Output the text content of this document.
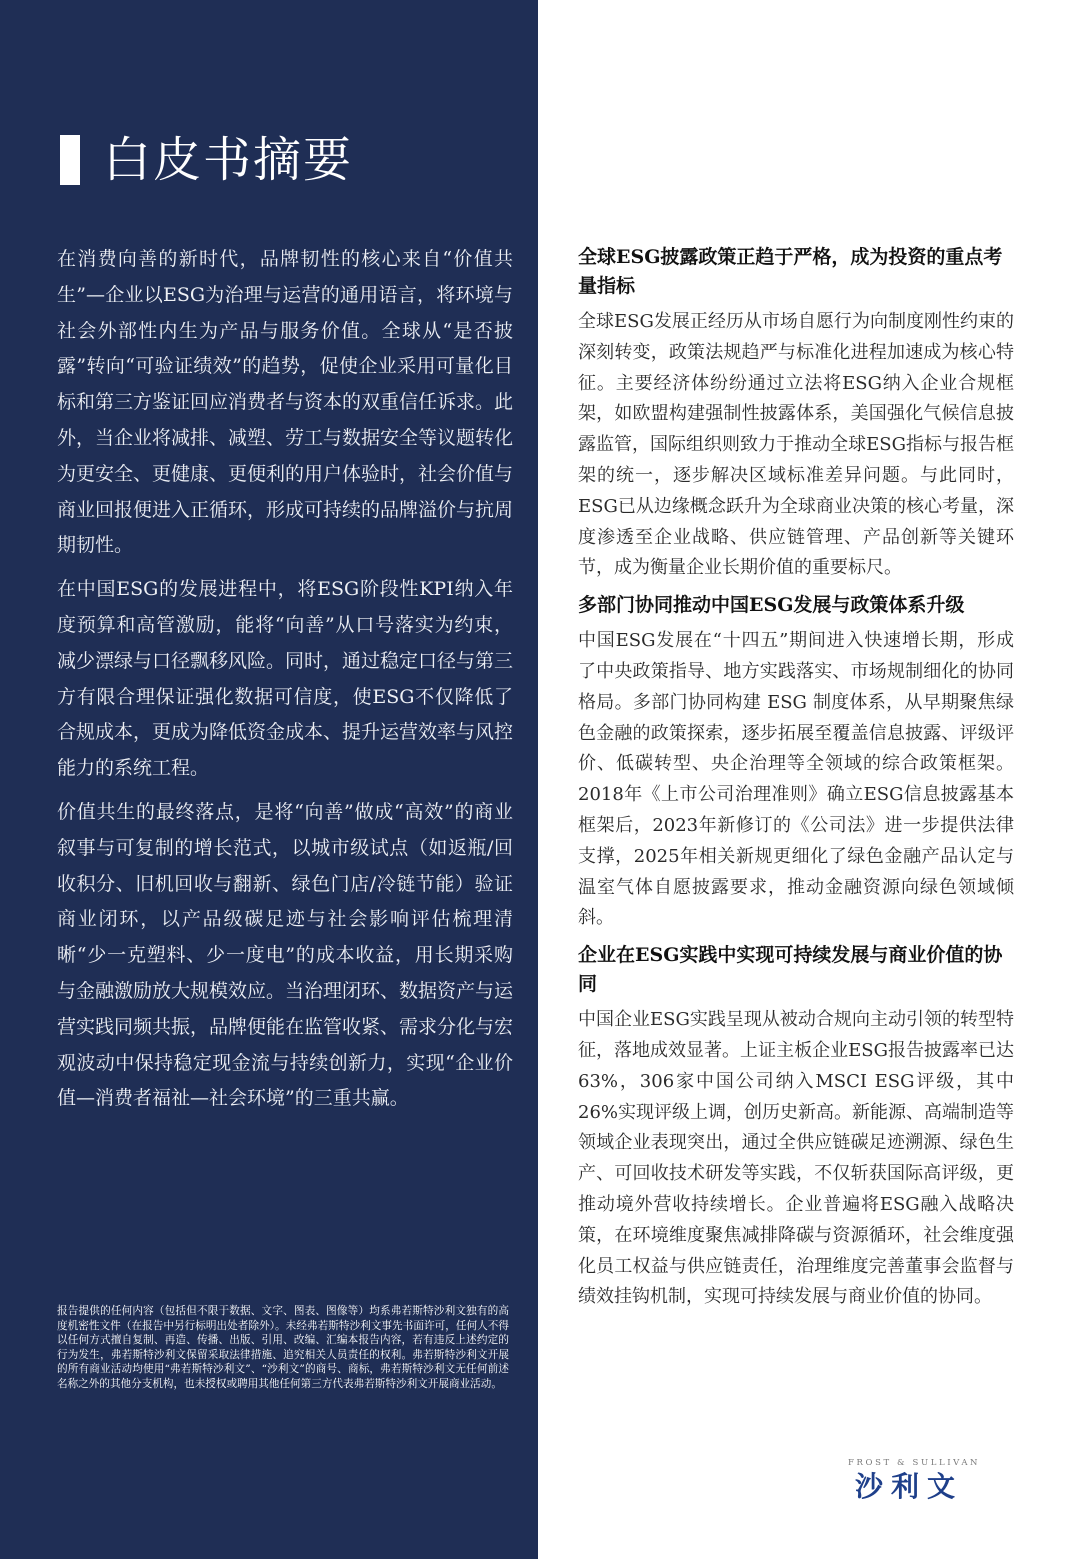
白皮书摘要

在消费向善的新时代，品牌韧性的核心来自“价值共生”—企业以ESG为治理与运营的通用语言，将环境与社会外部性内生为产品与服务价值。全球从“是否披露”转向“可验证绩效”的趋势，促使企业采用可量化目标和第三方鉴证回应消费者与资本的双重信任诉求。此外，当企业将减排、减塑、劳工与数据安全等议题转化为更安全、更健康、更便利的用户体验时，社会价值与商业回报便进入正循环，形成可持续的品牌溢价与抗周期韧性。

在中国ESG的发展进程中，将ESG阶段性KPI纳入年度预算和高管激励，能将“向善”从口号落实为约束，减少漂绿与口径飘移风险。同时，通过稳定口径与第三方有限合理保证强化数据可信度，使ESG不仅降低了合规成本，更成为降低资金成本、提升运营效率与风控能力的系统工程。

价值共生的最终落点，是将“向善”做成“高效”的商业叙事与可复制的增长范式，以城市级试点（如返瓶/回收积分、旧机回收与翻新、绿色门店/冷链节能）验证商业闭环，以产品级碳足迹与社会影响评估梳理清晰“少一克塑料、少一度电”的成本收益，用长期采购与金融激励放大规模效应。当治理闭环、数据资产与运营实践同频共振，品牌便能在监管收紧、需求分化与宏观波动中保持稳定现金流与持续创新力，实现“企业价值—消费者福祉—社会环境”的三重共赢。

报告提供的任何内容（包括但不限于数据、文字、图表、图像等）均系弗若斯特沙利文独有的高度机密性文件（在报告中另行标明出处者除外）。未经弗若斯特沙利文事先书面许可，任何人不得以任何方式擅自复制、再造、传播、出版、引用、改编、汇编本报告内容，若有违反上述约定的行为发生，弗若斯特沙利文保留采取法律措施、追究相关人员责任的权利。弗若斯特沙利文开展的所有商业活动均使用“弗若斯特沙利文”、“沙利文”的商号、商标，弗若斯特沙利文无任何前述名称之外的其他分支机构，也未授权或聘用其他任何第三方代表弗若斯特沙利文开展商业活动。

全球ESG披露政策正趋于严格，成为投资的重点考量指标

全球ESG发展正经历从市场自愿行为向制度刚性约束的深刻转变，政策法规趋严与标准化进程加速成为核心特征。主要经济体纷纷通过立法将ESG纳入企业合规框架，如欧盟构建强制性披露体系，美国强化气候信息披露监管，国际组织则致力于推动全球ESG指标与报告框架的统一，逐步解决区域标准差异问题。与此同时，ESG已从边缘概念跃升为全球商业决策的核心考量，深度渗透至企业战略、供应链管理、产品创新等关键环节，成为衡量企业长期价值的重要标尺。

多部门协同推动中国ESG发展与政策体系升级

中国ESG发展在“十四五”期间进入快速增长期，形成了中央政策指导、地方实践落实、市场规制细化的协同格局。多部门协同构建 ESG 制度体系，从早期聚焦绿色金融的政策探索，逐步拓展至覆盖信息披露、评级评价、低碳转型、央企治理等全领域的综合政策框架。2018年《上市公司治理准则》确立ESG信息披露基本框架后，2023年新修订的《公司法》进一步提供法律支撑，2025年相关新规更细化了绿色金融产品认定与温室气体自愿披露要求，推动金融资源向绿色领域倾斜。

企业在ESG实践中实现可持续发展与商业价值的协同

中国企业ESG实践呈现从被动合规向主动引领的转型特征，落地成效显著。上证主板企业ESG报告披露率已达63%，306家中国公司纳入MSCI ESG评级，其中26%实现评级上调，创历史新高。新能源、高端制造等领域企业表现突出，通过全供应链碳足迹溯源、绿色生产、可回收技术研发等实践，不仅斩获国际高评级，更推动境外营收持续增长。企业普遍将ESG融入战略决策，在环境维度聚焦减排降碳与资源循环，社会维度强化员工权益与供应链责任，治理维度完善董事会监督与绩效挂钩机制，实现可持续发展与商业价值的协同。

FROST & SULLIVAN
沙利文
